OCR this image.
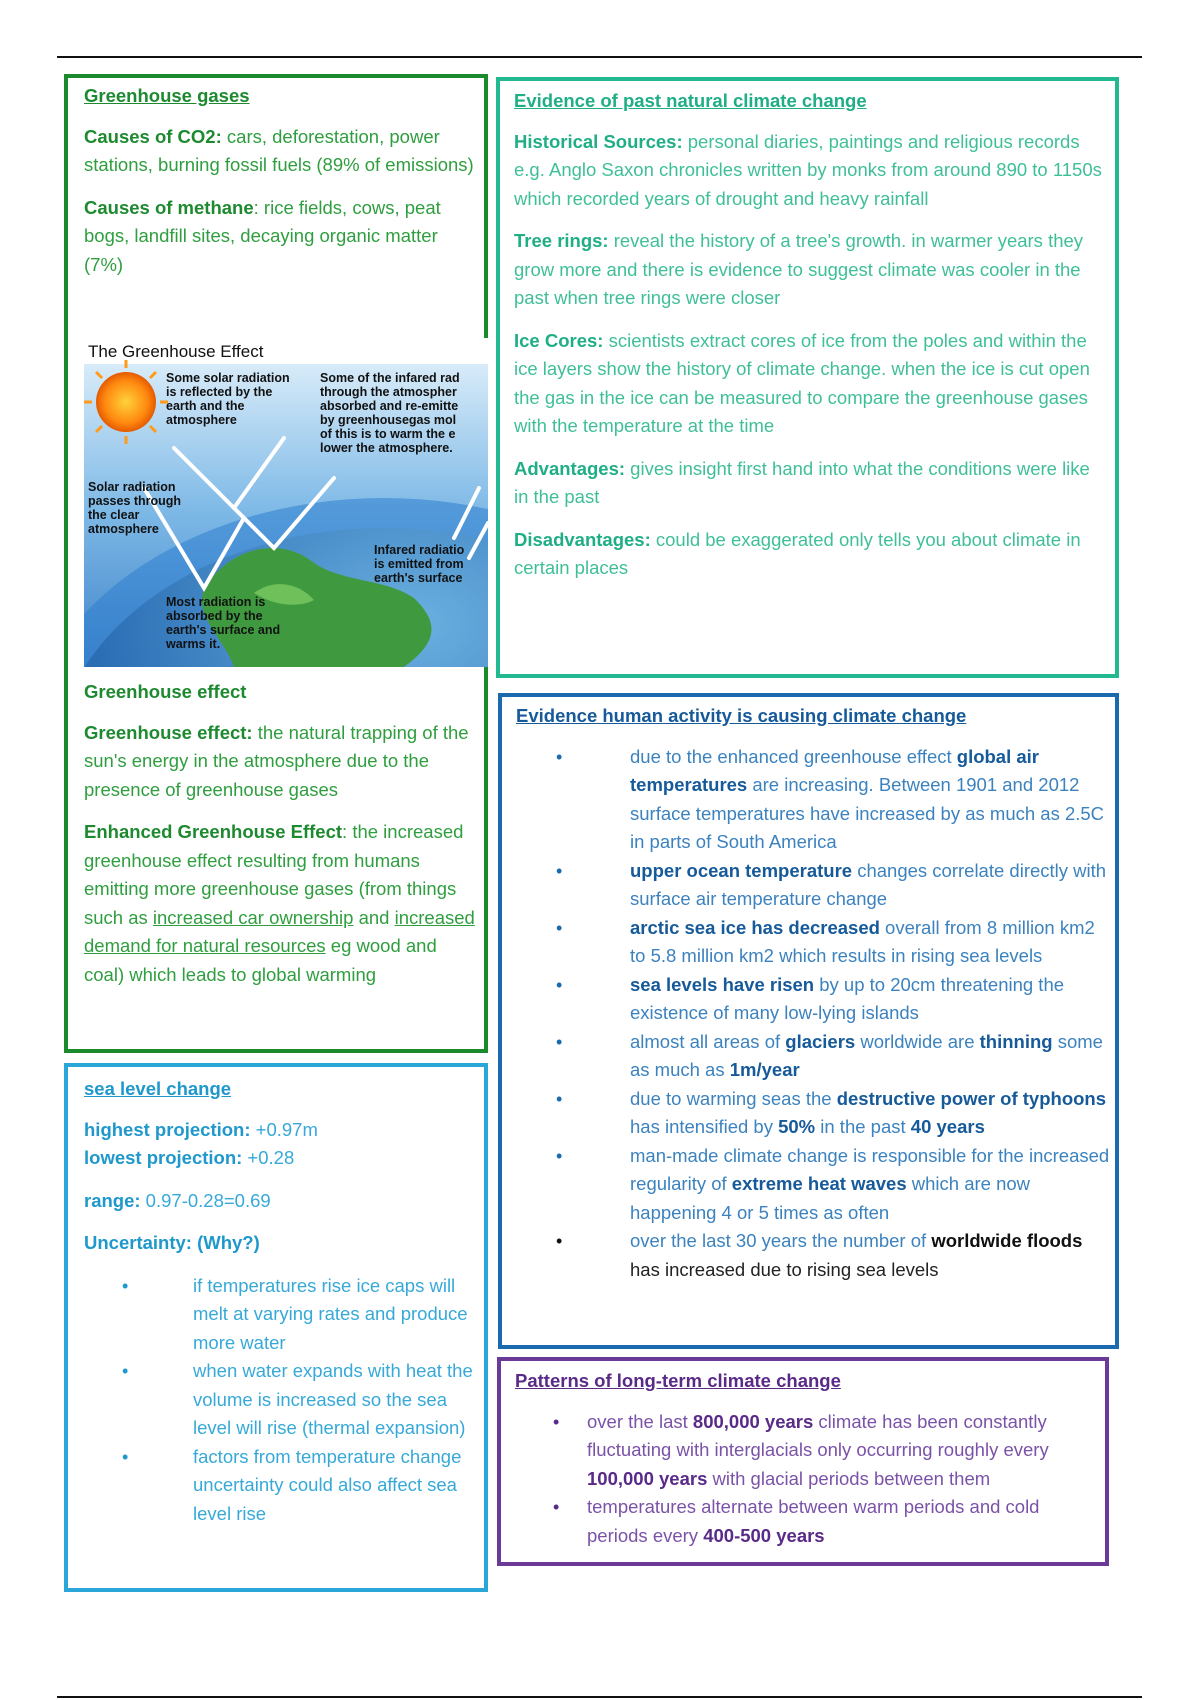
Greenhouse gases

Causes of CO2: cars, deforestation, power stations, burning fossil fuels (89% of emissions)

Causes of methane: rice fields, cows, peat bogs, landfill sites, decaying organic matter (7%)

The Greenhouse Effect
Some solar radiation
is reflected by the
earth and the
atmosphere
Some of the infared rad
through the atmospher
absorbed and re-emitte
by greenhousegas mol
of this is to warm the e
lower the atmosphere.
Solar radiation
passes through
the clear
atmosphere
Infared radiatio
is emitted from
earth's surface
Most radiation is
absorbed by the
earth's surface and
warms it.

Greenhouse effect

Greenhouse effect: the natural trapping of the sun's energy in the atmosphere due to the presence of greenhouse gases

Enhanced Greenhouse Effect: the increased greenhouse effect resulting from humans emitting more greenhouse gases (from things such as increased car ownership and increased demand for natural resources eg wood and coal) which leads to global warming

Evidence of past natural climate change

Historical Sources: personal diaries, paintings and religious records e.g. Anglo Saxon chronicles written by monks from around 890 to 1150s which recorded years of drought and heavy rainfall

Tree rings: reveal the history of a tree's growth. in warmer years they grow more and there is evidence to suggest climate was cooler in the past when tree rings were closer

Ice Cores: scientists extract cores of ice from the poles and within the ice layers show the history of climate change. when the ice is cut open the gas in the ice can be measured to compare the greenhouse gases with the temperature at the time

Advantages: gives insight first hand into what the conditions were like in the past

Disadvantages: could be exaggerated only tells you about climate in certain places

Evidence human activity is causing climate change

•	due to the enhanced greenhouse effect global air temperatures are increasing. Between 1901 and 2012 surface temperatures have increased by as much as 2.5C in parts of South America
•	upper ocean temperature changes correlate directly with surface air temperature change
•	arctic sea ice has decreased overall from 8 million km2 to 5.8 million km2 which results in rising sea levels
•	sea levels have risen by up to 20cm threatening the existence of many low-lying islands
•	almost all areas of glaciers worldwide are thinning some as much as 1m/year
•	due to warming seas the destructive power of typhoons has intensified by 50% in the past 40 years
•	man-made climate change is responsible for the increased regularity of extreme heat waves which are now happening 4 or 5 times as often
•	over the last 30 years the number of worldwide floods has increased due to rising sea levels

sea level change

highest projection: +0.97m
lowest projection: +0.28

range: 0.97-0.28=0.69

Uncertainty: (Why?)

•	if temperatures rise ice caps will melt at varying rates and produce more water
•	when water expands with heat the volume is increased so the sea level will rise (thermal expansion)
•	factors from temperature change uncertainty could also affect sea level rise

Patterns of long-term climate change

• over the last 800,000 years climate has been constantly fluctuating with interglacials only occurring roughly every 100,000 years with glacial periods between them
• temperatures alternate between warm periods and cold periods every 400-500 years
